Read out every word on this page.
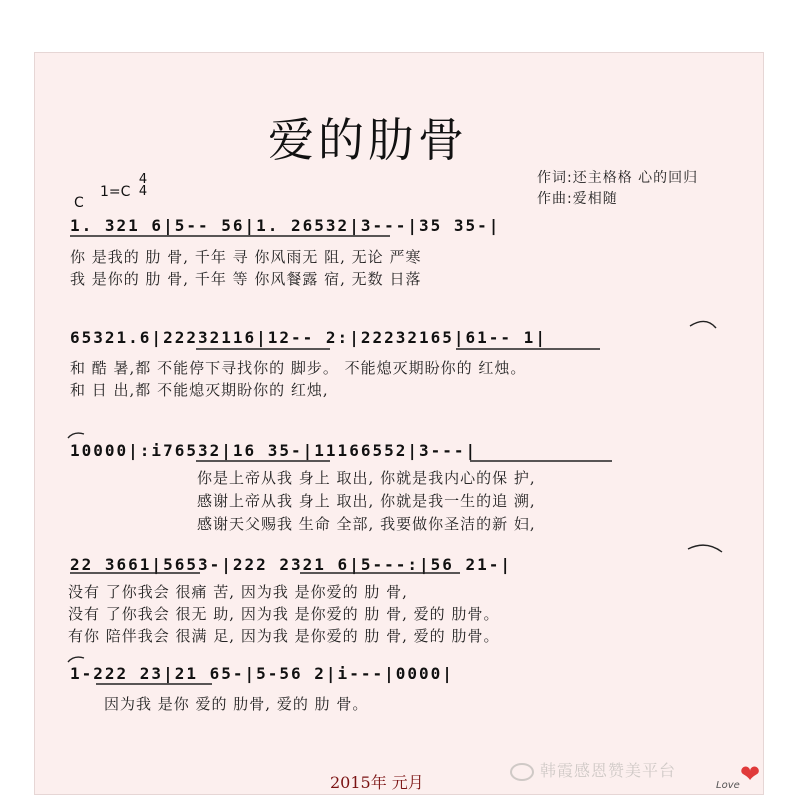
爱的肋骨
作词:还主格格 心的回归
作曲:爱相随
C
1=C
4
4
1. 321 6|5-- 56|1. 26532|3---|35 35-|
你 是我的 肋 骨, 千年 寻 你风雨无 阻, 无论 严寒
我 是你的 肋 骨, 千年 等 你风餐露 宿, 无数 日落
65321.6|22232116|12-- 2:|22232165|61-- 1|
和 酷 暑,都 不能停下寻找你的 脚步。 不能熄灭期盼你的 红烛。
和 日 出,都 不能熄灭期盼你的 红烛,
10000|:i76532|16 35-|11166552|3---|
你是上帝从我 身上 取出, 你就是我内心的保 护,
感谢上帝从我 身上 取出, 你就是我一生的追 溯,
感谢天父赐我 生命 全部, 我要做你圣洁的新 妇,
22 3661|5653-|222 2321 6|5---:|56 21-|
没有 了你我会 很痛 苦, 因为我 是你爱的 肋 骨,
没有 了你我会 很无 助, 因为我 是你爱的 肋 骨, 爱的 肋骨。
有你 陪伴我会 很满 足, 因为我 是你爱的 肋 骨, 爱的 肋骨。
1-222 23|21 65-|5-56 2|i---|0000|
因为我 是你 爱的 肋骨, 爱的 肋 骨。
2015年 元月
韩霞感恩赞美平台	❤
Love
